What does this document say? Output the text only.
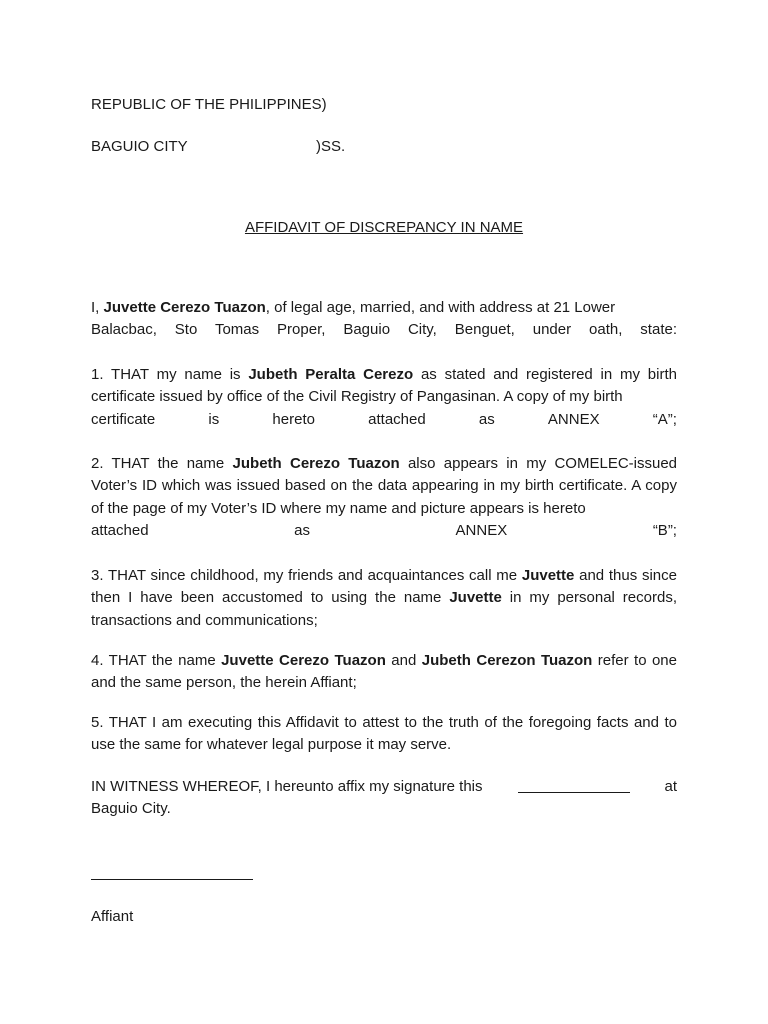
REPUBLIC OF THE PHILIPPINES)
BAGUIO CITY	)SS.
AFFIDAVIT OF DISCREPANCY IN NAME
I, Juvette Cerezo Tuazon, of legal age, married, and with address at 21 Lower
Balacbac, Sto Tomas Proper, Baguio City, Benguet, under oath, state:
1. THAT my name is Jubeth Peralta Cerezo as stated and registered in my birth certificate issued by office of the Civil Registry of Pangasinan. A copy of my birth
certificate	is	hereto	attached	as	ANNEX	“A”;
2. THAT the name Jubeth Cerezo Tuazon also appears in my COMELEC-issued Voter’s ID which was issued based on the data appearing in my birth certificate. A copy of the page of my Voter’s ID where my name and picture appears is hereto
attached	as	ANNEX	“B”;
3. THAT since childhood, my friends and acquaintances call me Juvette and thus since then I have been accustomed to using the name Juvette in my personal records, transactions and communications;
4. THAT the name Juvette Cerezo Tuazon and Jubeth Cerezon Tuazon refer to one and the same person, the herein Affiant;
5. THAT I am executing this Affidavit to attest to the truth of the foregoing facts and to use the same for whatever legal purpose it may serve.
IN WITNESS WHEREOF, I hereunto affix my signature this	at
Baguio City.
Affiant
